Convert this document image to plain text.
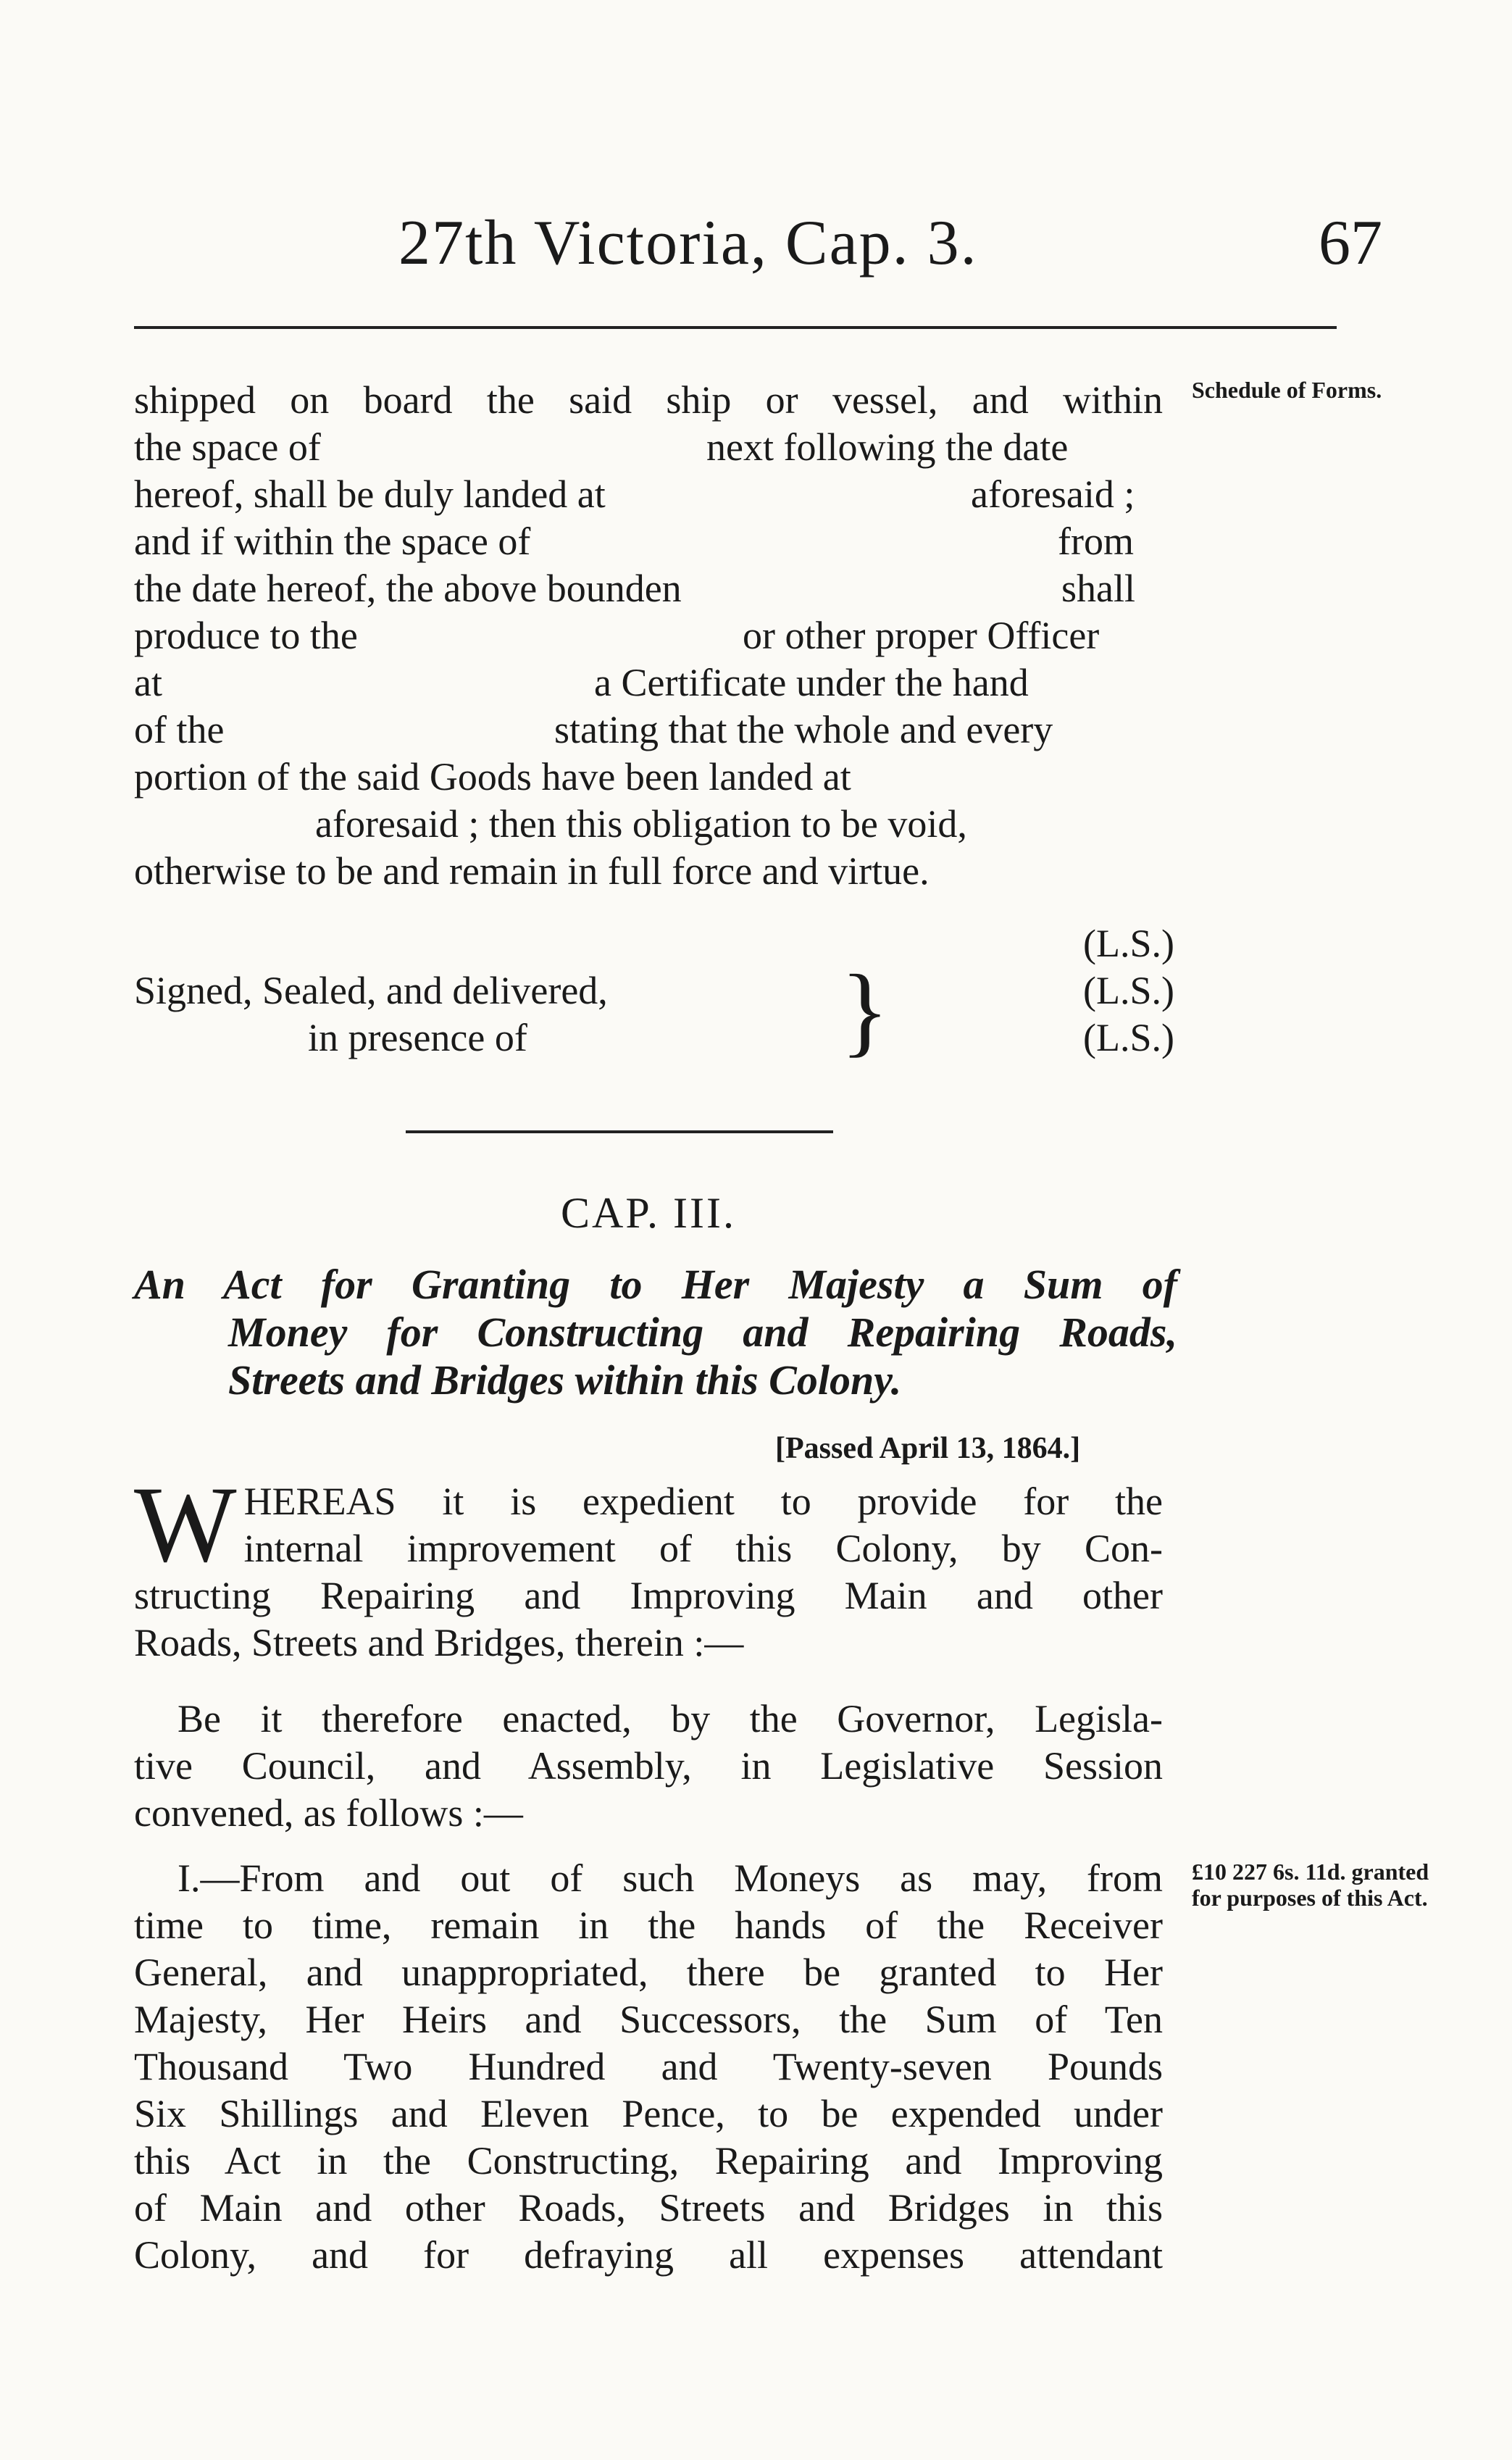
27th Victoria, Cap. 3.	67
Schedule of Forms.
shipped on board the said ship or vessel, and within
the space of	next following the date
hereof, shall be duly landed at	aforesaid ;
and if within the space of	from
the date hereof, the above bounden	shall
produce to the	or other proper Officer
at	a Certificate under the hand
of the	stating that the whole and every
portion of the said Goods have been landed at
aforesaid ; then this obligation to be void,
otherwise to be and remain in full force and virtue.
(L.S.)
Signed, Sealed, and delivered, }	(L.S.)
in presence of	(L.S.)
CAP. III.
An Act for Granting to Her Majesty a Sum of
Money for Constructing and Repairing Roads,
Streets and Bridges within this Colony.
[Passed April 13, 1864.]
W HEREAS it is expedient to provide for the
internal improvement of this Colony, by Con-
structing Repairing and Improving Main and other
Roads, Streets and Bridges, therein :—
Be it therefore enacted, by the Governor, Legisla-
tive Council, and Assembly, in Legislative Session
convened, as follows :—
£10 227 6s. 11d. granted for purposes of this Act.
I.—From and out of such Moneys as may, from
time to time, remain in the hands of the Receiver
General, and unappropriated, there be granted to Her
Majesty, Her Heirs and Successors, the Sum of Ten
Thousand Two Hundred and Twenty-seven Pounds
Six Shillings and Eleven Pence, to be expended under
this Act in the Constructing, Repairing and Improving
of Main and other Roads, Streets and Bridges in this
Colony, and for defraying all expenses attendant
